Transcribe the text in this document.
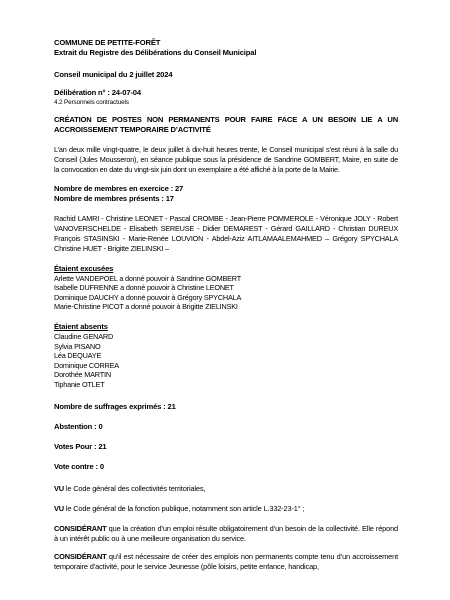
COMMUNE DE PETITE-FORÊT
Extrait du Registre des Délibérations du Conseil Municipal
Conseil municipal du 2 juillet 2024
Délibération n° : 24-07-04
4.2 Personnels contractuels
CRÉATION DE POSTES NON PERMANENTS POUR FAIRE FACE A UN BESOIN LIE A UN ACCROISSEMENT TEMPORAIRE D’ACTIVITÉ
L’an deux mille vingt-quatre, le deux juillet à dix-huit heures trente, le Conseil municipal s’est réuni à la salle du Conseil (Jules Mousseron), en séance publique sous la présidence de Sandrine GOMBERT, Maire, en suite de la convocation en date du vingt-six juin dont un exemplaire a été affiché à la porte de la Mairie.
Nombre de membres en exercice : 27
Nombre de membres présents : 17
Rachid LAMRI - Christine LEONET - Pascal CROMBE - Jean-Pierre POMMEROLE - Véronique JOLY - Robert VANOVERSCHELDE - Elisabeth SEREUSE - Didier DEMAREST - Gérard GAILLARD - Christian DUREUX François STASINSKI - Marie-Renée LOUVION - Abdel-Aziz AITLAMAALEMAHMED – Grégory SPYCHALA Christine HUET - Brigitte ZIELINSKI –
Étaient excusées
Arlette VANDEPOEL a donné pouvoir à Sandrine GOMBERT
Isabelle DUFRENNE a donné pouvoir à Christine LEONET
Dominique DAUCHY a donné pouvoir à Grégory SPYCHALA
Marie-Christine PICOT a donné pouvoir à Brigitte ZIELINSKI
Étaient absents
Claudine GENARD
Sylvia PISANO
Léa DEQUAYE
Dominique CORREA
Dorothée MARTIN
Tiphanie OTLET
Nombre de suffrages exprimés : 21
Abstention : 0
Votes Pour : 21
Vote contre : 0
VU le Code général des collectivités territoriales,
VU le Code général de la fonction publique, notamment son article L.332-23-1° ;
CONSIDÉRANT que la création d’un emploi résulte obligatoirement d’un besoin de la collectivité. Elle répond à un intérêt public ou à une meilleure organisation du service.
CONSIDÉRANT qu’il est nécessaire de créer des emplois non permanents compte tenu d’un accroissement temporaire d’activité, pour le service Jeunesse (pôle loisirs, petite enfance, handicap,
